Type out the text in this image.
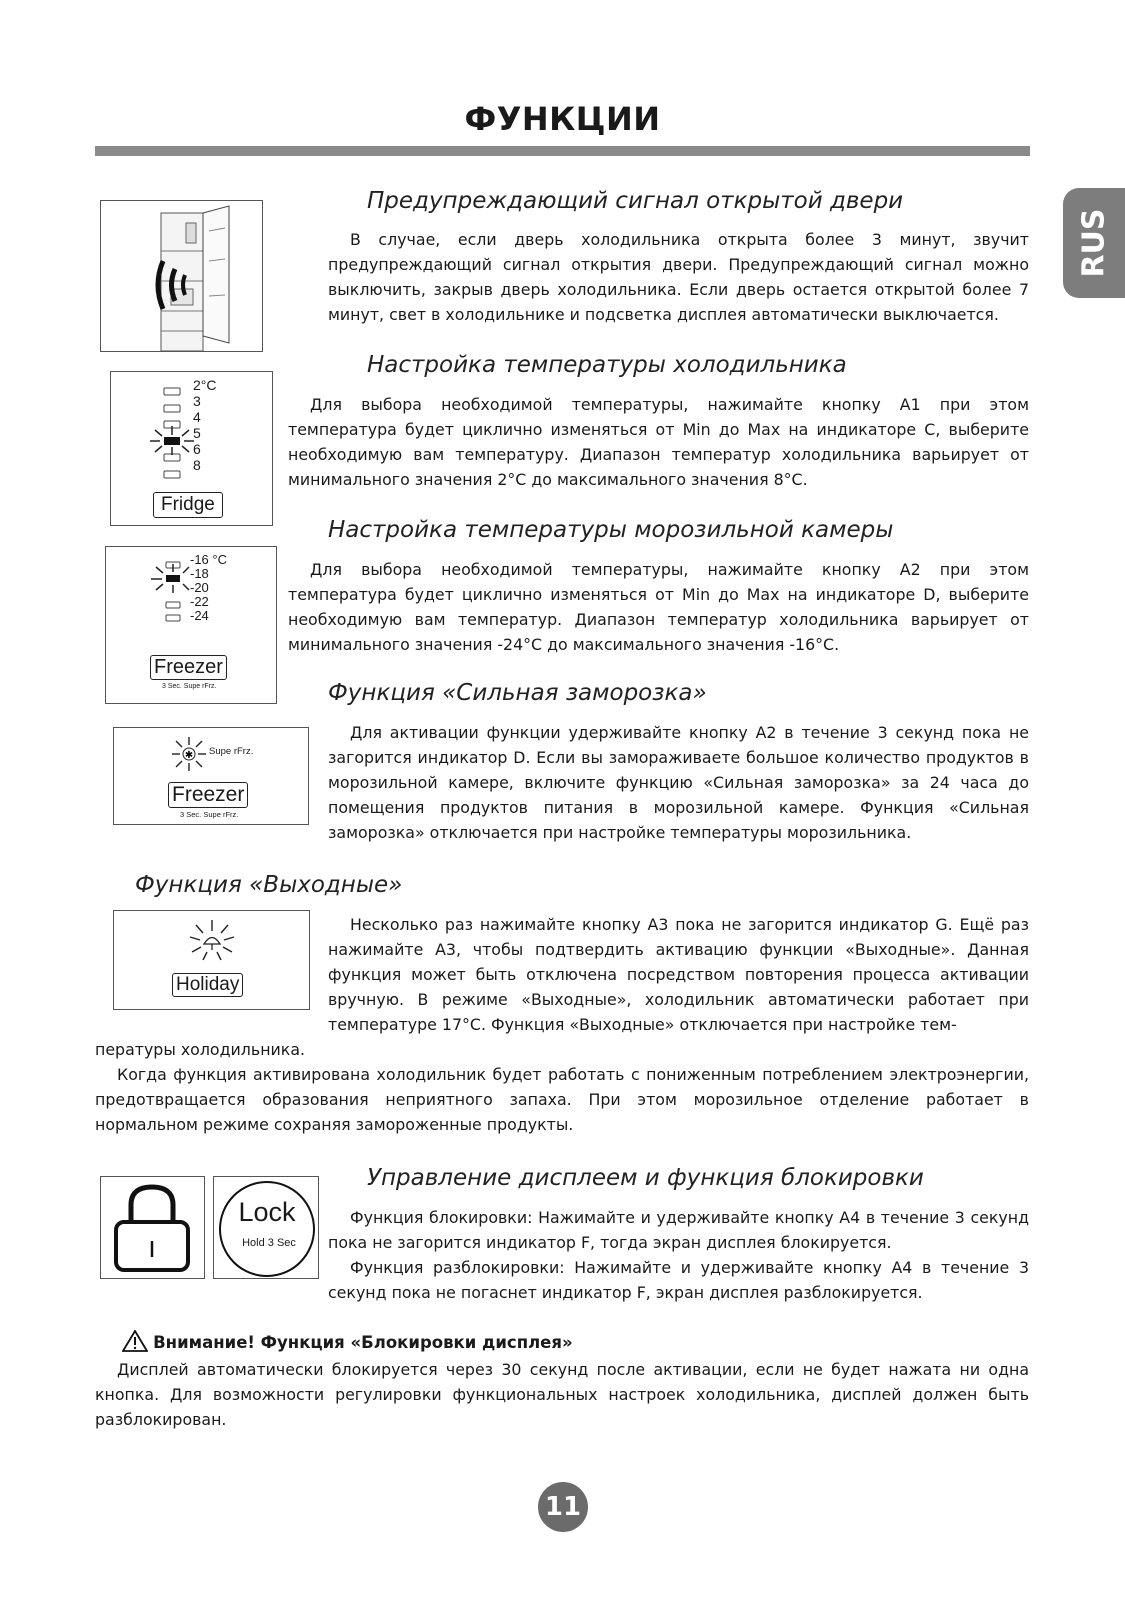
ФУНКЦИИ
RUS
Предупреждающий сигнал открытой двери
В случае, если дверь холодильника открыта более 3 минут, звучит предупреждающий сигнал открытия двери. Предупреждающий сигнал можно выключить, закрыв дверь холодильника. Если дверь остается открытой более 7 минут, свет в холодильнике и подсветка дисплея автоматически выключается.
2°C
3
4
5
6
8
Fridge
Настройка температуры холодильника
Для выбора необходимой температуры, нажимайте кнопку А1 при этом температура будет циклично изменяться от Min до Max на индикаторе С, выберите необходимую вам температуру. Диапазон температур холодильника варьирует от минимального значения 2°С до максимального значения 8°С.
-16 °C
-18
-20
-22
-24
Freezer
3 Sec. Supe rFrz.
Настройка температуры морозильной камеры
Для выбора необходимой температуры, нажимайте кнопку А2 при этом температура будет циклично изменяться от Min до Max на индикаторе D, выберите необходимую вам температур. Диапазон температур холодильника варьирует от минимального значения -24°С до максимального значения -16°С.
✱ Supe rFrz.
Freezer
3 Sec. Supe rFrz.
Функция «Сильная заморозка»
Для активации функции удерживайте кнопку А2 в течение 3 секунд пока не загорится индикатор D. Если вы замораживаете большое количество продуктов в морозильной камере, включите функцию «Сильная заморозка» за 24 часа до помещения продуктов питания в морозильной камере. Функция «Сильная заморозка» отключается при настройке температуры морозильника.
Функция «Выходные»
Holiday
Несколько раз нажимайте кнопку А3 пока не загорится индикатор G. Ещё раз нажимайте А3, чтобы подтвердить активацию функции «Выходные». Данная функция может быть отключена посредством повторения процесса активации вручную. В режиме «Выходные», холодильник автоматически работает при температуре 17°С. Функция «Выходные» отключается при настройке тем-
пературы холодильника.
Когда функция активирована холодильник будет работать с пониженным потреблением электроэнергии, предотвращается образования неприятного запаха. При этом морозильное отделение работает в нормальном режиме сохраняя замороженные продукты.
Lock
Hold 3 Sec
Управление дисплеем и функция блокировки
Функция блокировки: Нажимайте и удерживайте кнопку А4 в течение 3 секунд пока не загорится индикатор F, тогда экран дисплея блокируется.
Функция разблокировки: Нажимайте и удерживайте кнопку А4 в течение 3 секунд пока не погаснет индикатор F, экран дисплея разблокируется.
Внимание! Функция «Блокировки дисплея»
Дисплей автоматически блокируется через 30 секунд после активации, если не будет нажата ни одна кнопка. Для возможности регулировки функциональных настроек холодильника, дисплей должен быть разблокирован.
11
